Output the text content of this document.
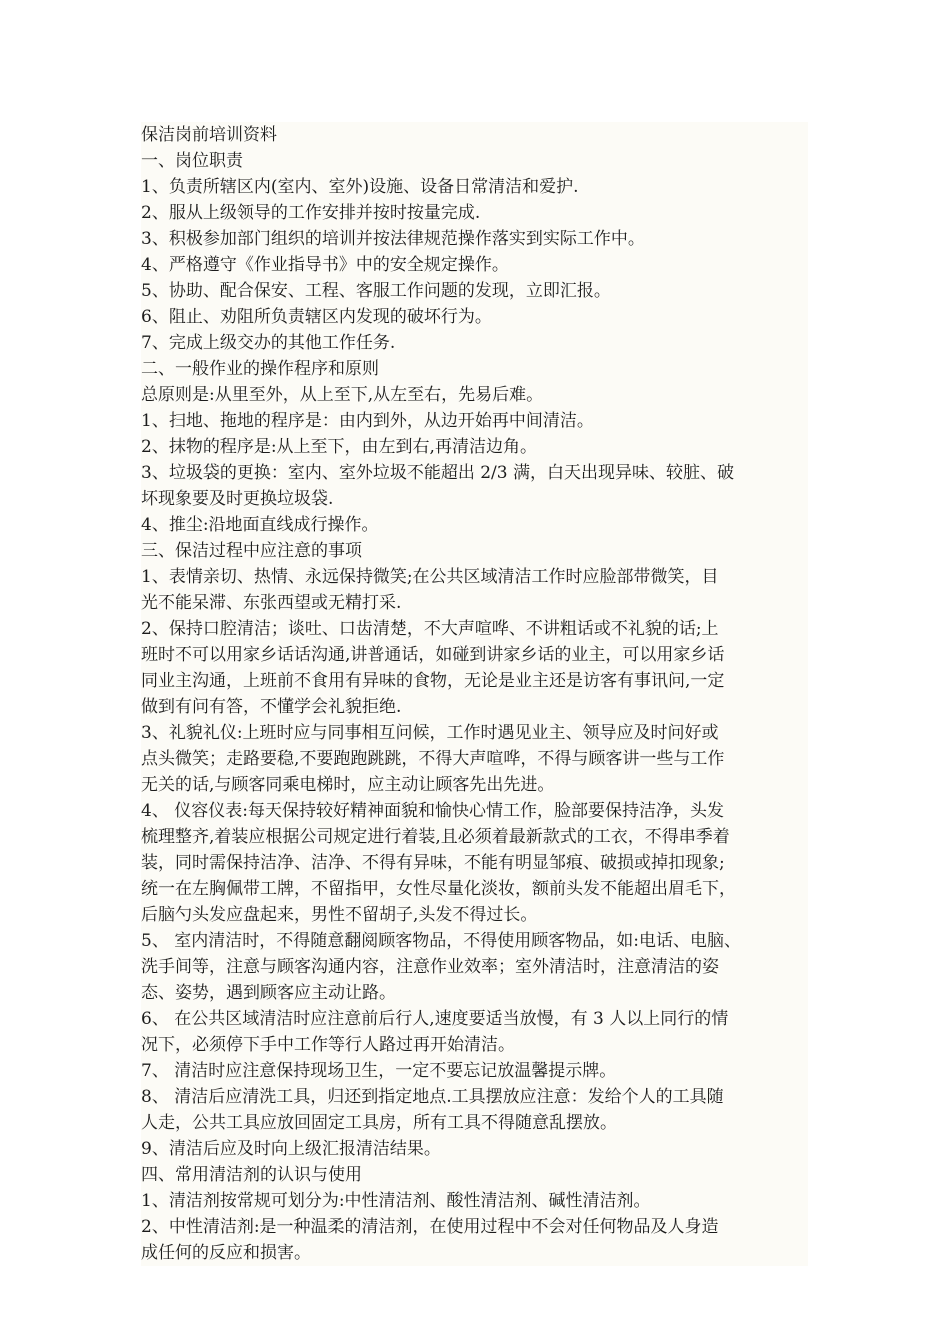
保洁岗前培训资料
一、岗位职责
1、负责所辖区内(室内、室外)设施、设备日常清洁和爱护.
2、服从上级领导的工作安排并按时按量完成.
3、积极参加部门组织的培训并按法律规范操作落实到实际工作中。
4、严格遵守《作业指导书》中的安全规定操作。
5、协助、配合保安、工程、客服工作问题的发现，立即汇报。
6、阻止、劝阻所负责辖区内发现的破坏行为。
7、完成上级交办的其他工作任务.
二、一般作业的操作程序和原则
总原则是:从里至外，从上至下,从左至右，先易后难。
1、扫地、拖地的程序是：由内到外，从边开始再中间清洁。
2、抹物的程序是:从上至下，由左到右,再清洁边角。
3、垃圾袋的更换：室内、室外垃圾不能超出 2/3 满，白天出现异味、较脏、破
坏现象要及时更换垃圾袋.
4、推尘:沿地面直线成行操作。
三、保洁过程中应注意的事项
1、表情亲切、热情、永远保持微笑;在公共区域清洁工作时应脸部带微笑，目
光不能呆滞、东张西望或无精打采.
2、保持口腔清洁；谈吐、口齿清楚，不大声喧哗、不讲粗话或不礼貌的话;上
班时不可以用家乡话话沟通,讲普通话，如碰到讲家乡话的业主，可以用家乡话
同业主沟通，上班前不食用有异味的食物，无论是业主还是访客有事讯问,一定
做到有问有答，不懂学会礼貌拒绝.
3、礼貌礼仪:上班时应与同事相互问候，工作时遇见业主、领导应及时问好或
点头微笑；走路要稳,不要跑跑跳跳，不得大声喧哗，不得与顾客讲一些与工作
无关的话,与顾客同乘电梯时，应主动让顾客先出先进。
4、 仪容仪表:每天保持较好精神面貌和愉快心情工作，脸部要保持洁净，头发
梳理整齐,着装应根据公司规定进行着装,且必须着最新款式的工衣，不得串季着
装，同时需保持洁净、洁净、不得有异味，不能有明显邹痕、破损或掉扣现象;
统一在左胸佩带工牌，不留指甲，女性尽量化淡妆，额前头发不能超出眉毛下，
后脑勺头发应盘起来，男性不留胡子,头发不得过长。
5、 室内清洁时，不得随意翻阅顾客物品，不得使用顾客物品，如:电话、电脑、
洗手间等，注意与顾客沟通内容，注意作业效率；室外清洁时，注意清洁的姿
态、姿势，遇到顾客应主动让路。
6、 在公共区域清洁时应注意前后行人,速度要适当放慢，有 3 人以上同行的情
况下，必须停下手中工作等行人路过再开始清洁。
7、 清洁时应注意保持现场卫生，一定不要忘记放温馨提示牌。
8、 清洁后应清洗工具，归还到指定地点.工具摆放应注意：发给个人的工具随
人走，公共工具应放回固定工具房，所有工具不得随意乱摆放。
9、清洁后应及时向上级汇报清洁结果。
四、常用清洁剂的认识与使用
1、清洁剂按常规可划分为:中性清洁剂、酸性清洁剂、碱性清洁剂。
2、中性清洁剂:是一种温柔的清洁剂，在使用过程中不会对任何物品及人身造
成任何的反应和损害。
